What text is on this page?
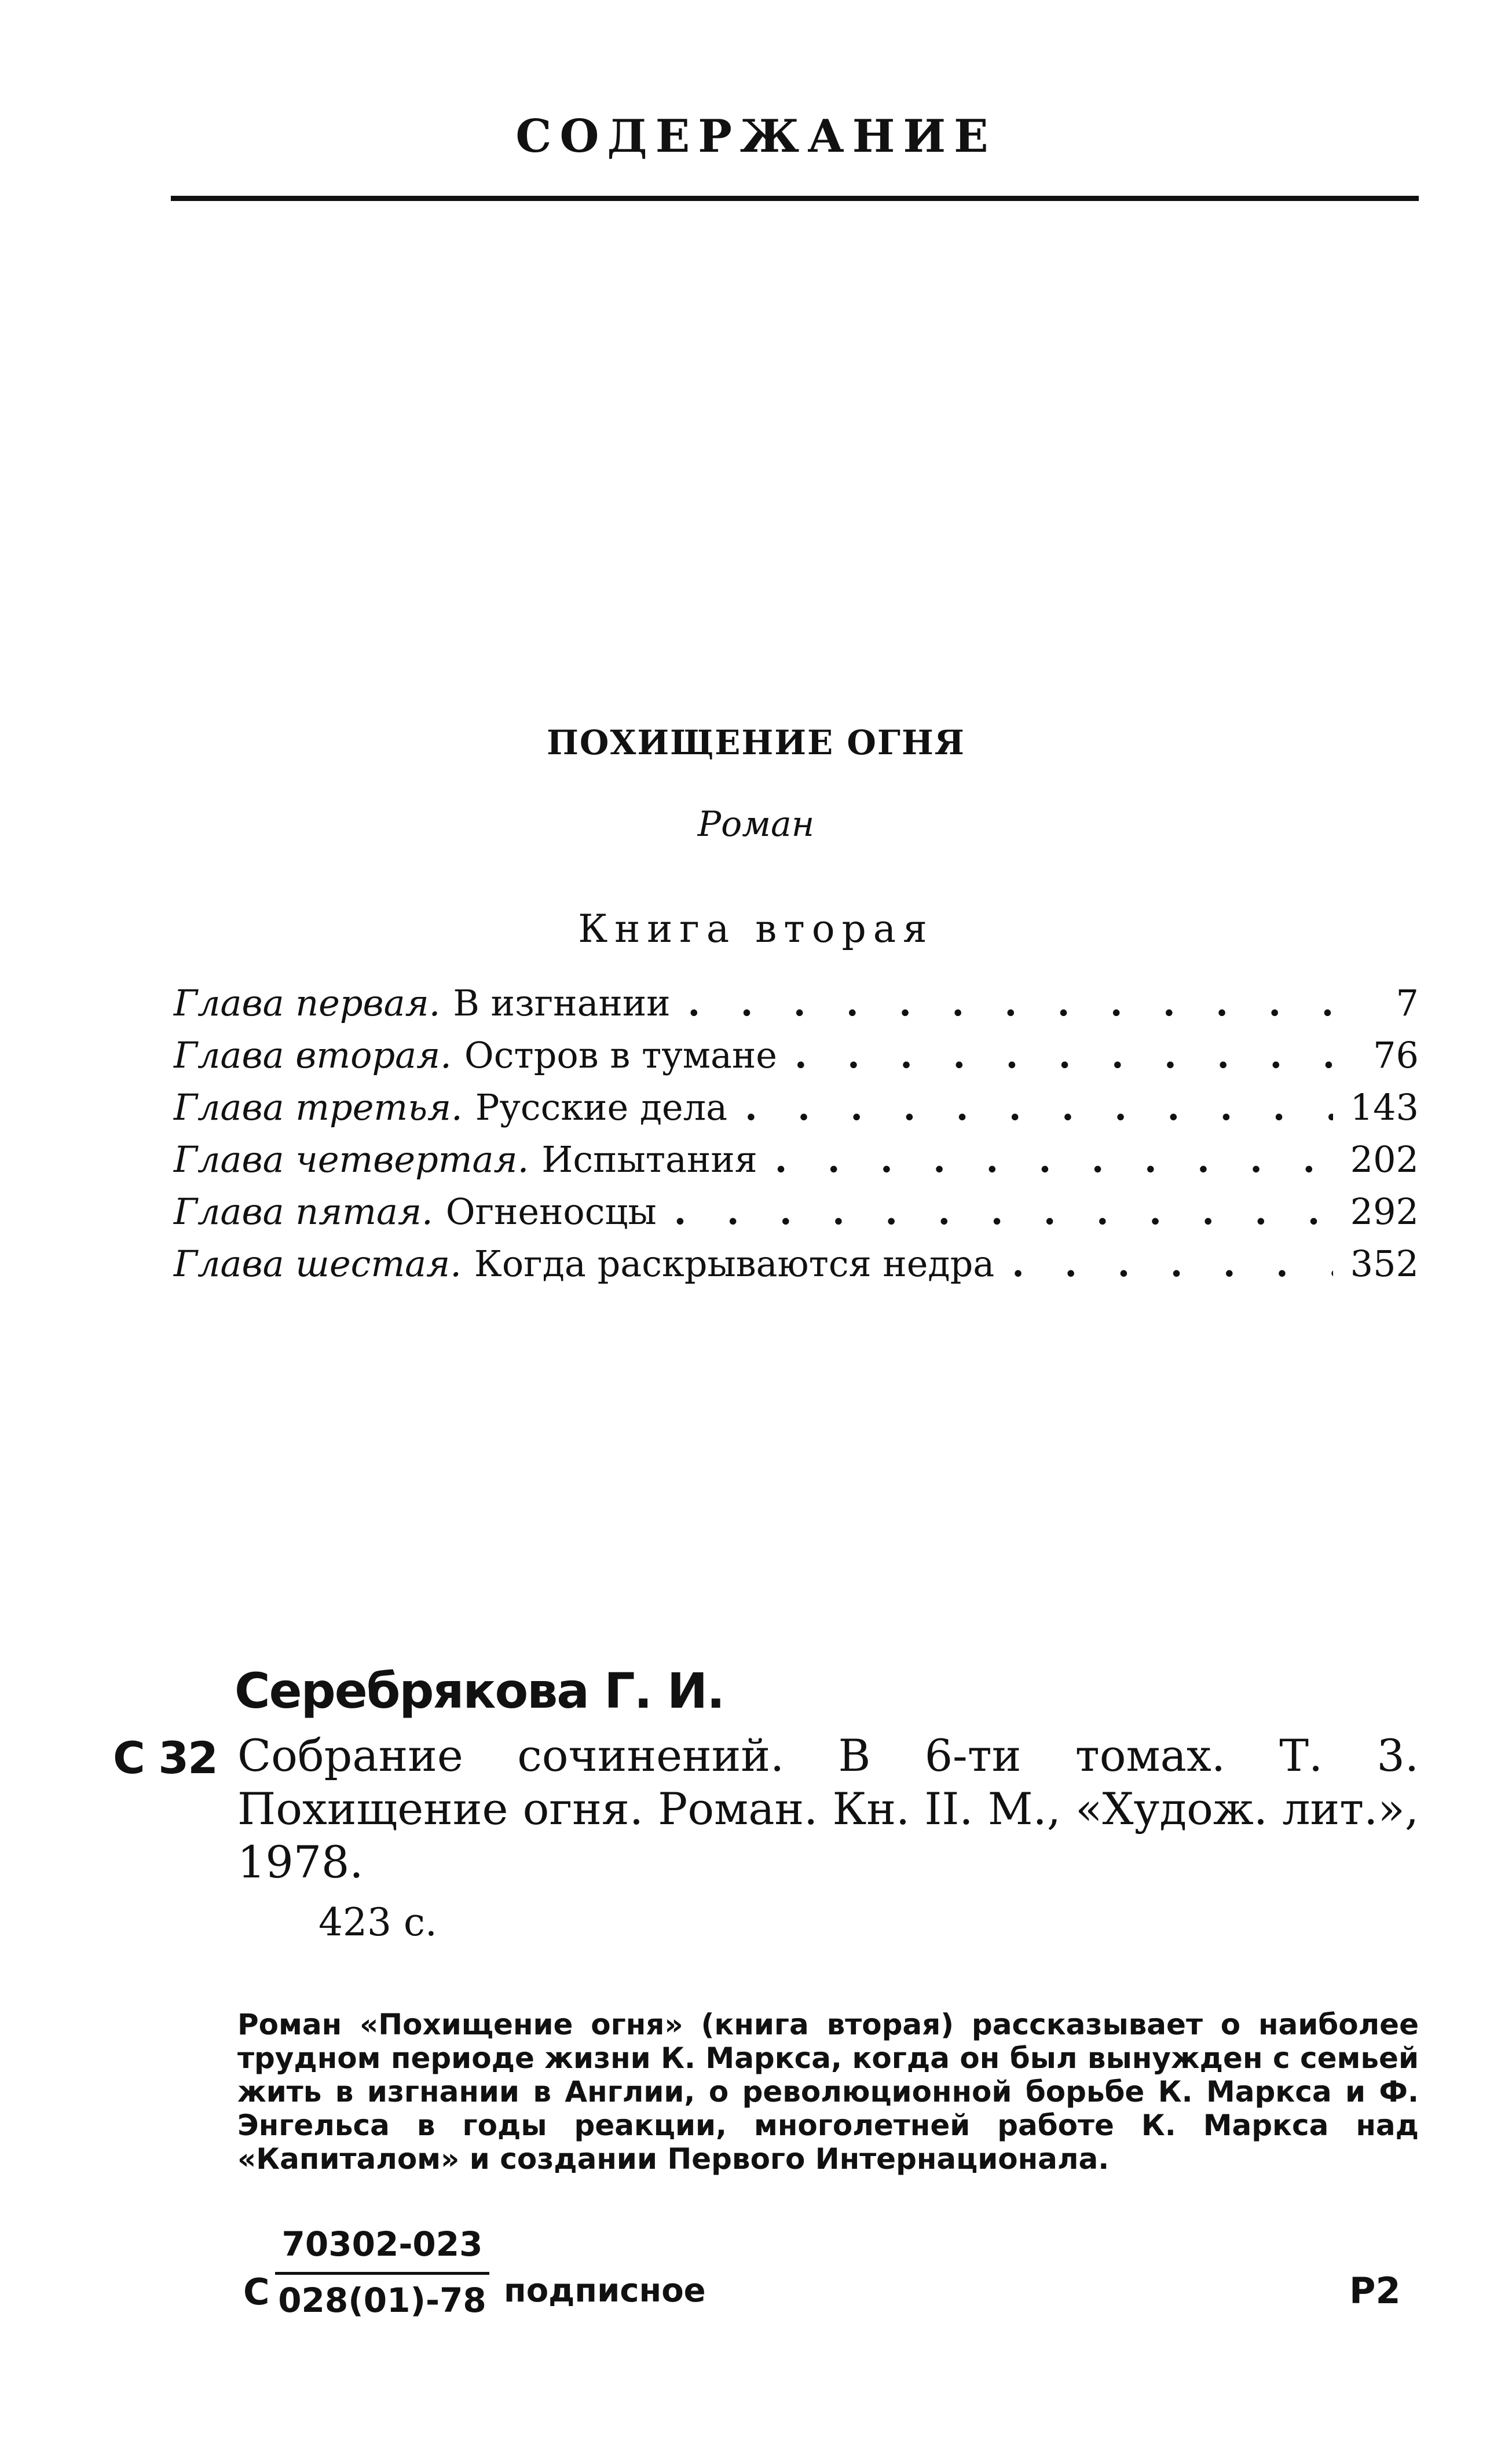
СОДЕРЖАНИЕ
ПОХИЩЕНИЕ ОГНЯ
Роман
Книга вторая
Глава первая. В изгнании . . .	7
Глава вторая. Остров в тумане . . .	76
Глава третья. Русские дела . . .	143
Глава четвертая. Испытания . . .	202
Глава пятая. Огненосцы . . .	292
Глава шестая. Когда раскрываются недра . . .	352
Серебрякова Г. И.
С 32 Собрание сочинений. В 6-ти томах. Т. 3. Похищение огня. Роман. Кн. II. М., «Худож. лит.», 1978.
423 с.
Роман «Похищение огня» (книга вторая) рассказывает о наиболее трудном периоде жизни К. Маркса, когда он был вынужден с семьей жить в изгнании в Англии, о революционной борьбе К. Маркса и Ф. Энгельса в годы реакции, многолетней работе К. Маркса над «Капиталом» и создании Первого Интернационала.
С
70302-023
028(01)-78 подписное	Р2
